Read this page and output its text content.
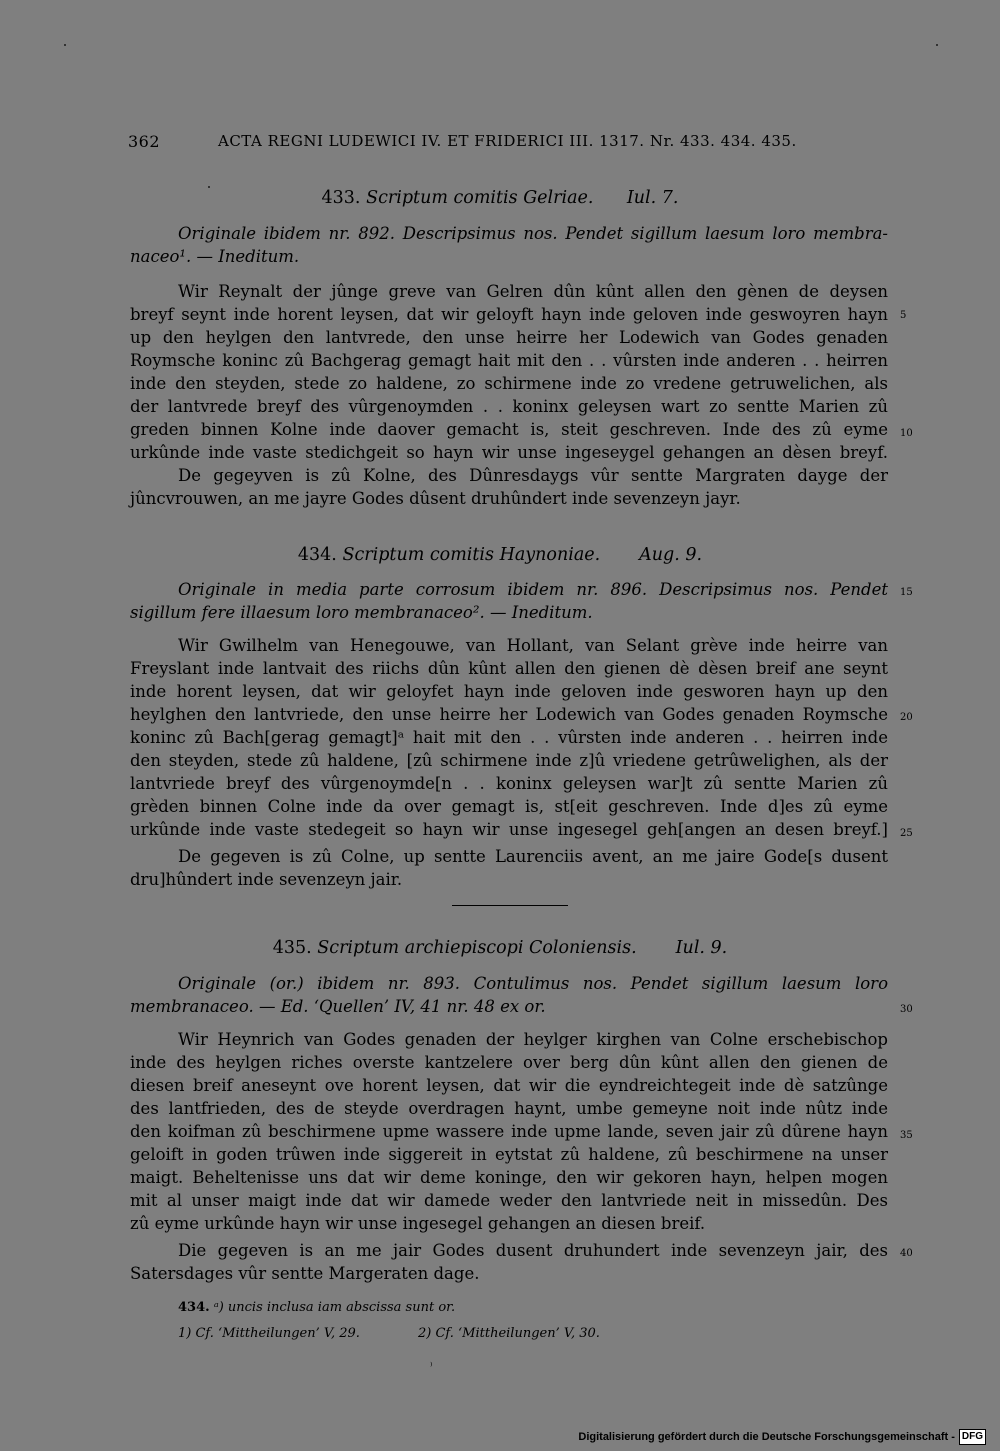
362	ACTA REGNI LUDEWICI IV. ET FRIDERICI III. 1317. Nr. 433. 434. 435.
433. Scriptum comitis Gelriae. Iul. 7.
Originale ibidem nr. 892. Descripsimus nos. Pendet sigillum laesum loro membra-
naceo¹. — Ineditum.
Wir Reynalt der jûnge greve van Gelren dûn kûnt allen den gènen de deysen
breyf seynt inde horent leysen, dat wir geloyft hayn inde geloven inde geswoyren hayn
up den heylgen den lantvrede, den unse heirre her Lodewich van Godes genaden
Roymsche koninc zû Bachgerag gemagt hait mit den . . vûrsten inde anderen . . heirren
inde den steyden, stede zo haldene, zo schirmene inde zo vredene getruwelichen, als
der lantvrede breyf des vûrgenoymden . . koninx geleysen wart zo sentte Marien zû
greden binnen Kolne inde daover gemacht is, steit geschreven. Inde des zû eyme
urkûnde inde vaste stedichgeit so hayn wir unse ingeseygel gehangen an dèsen breyf.
De gegeyven is zû Kolne, des Dûnresdaygs vûr sentte Margraten dayge der
jûncvrouwen, an me jayre Godes dûsent druhûndert inde sevenzeyn jayr.
434. Scriptum comitis Haynoniae. Aug. 9.
Originale in media parte corrosum ibidem nr. 896. Descripsimus nos. Pendet
sigillum fere illaesum loro membranaceo². — Ineditum.
Wir Gwilhelm van Henegouwe, van Hollant, van Selant grève inde heirre van
Freyslant inde lantvait des riichs dûn kûnt allen den gienen dè dèsen breif ane seynt
inde horent leysen, dat wir geloyfet hayn inde geloven inde gesworen hayn up den
heylghen den lantvriede, den unse heirre her Lodewich van Godes genaden Roymsche
koninc zû Bach[gerag gemagt]ᵃ hait mit den . . vûrsten inde anderen . . heirren inde
den steyden, stede zû haldene, [zû schirmene inde z]û vriedene getrûwelighen, als der
lantvriede breyf des vûrgenoymde[n . . koninx geleysen war]t zû sentte Marien zû
grèden binnen Colne inde da over gemagt is, st[eit geschreven. Inde d]es zû eyme
urkûnde inde vaste stedegeit so hayn wir unse ingesegel geh[angen an desen breyf.]
De gegeven is zû Colne, up sentte Laurenciis avent, an me jaire Gode[s dusent
dru]hûndert inde sevenzeyn jair.
435. Scriptum archiepiscopi Coloniensis. Iul. 9.
Originale (or.) ibidem nr. 893. Contulimus nos. Pendet sigillum laesum loro
membranaceo. — Ed. ‘Quellen’ IV, 41 nr. 48 ex or.
Wir Heynrich van Godes genaden der heylger kirghen van Colne erschebischop
inde des heylgen riches overste kantzelere over berg dûn kûnt allen den gienen de
diesen breif aneseynt ove horent leysen, dat wir die eyndreichtegeit inde dè satzûnge
des lantfrieden, des de steyde overdragen haynt, umbe gemeyne noit inde nûtz inde
den koifman zû beschirmene upme wassere inde upme lande, seven jair zû dûrene hayn
geloift in goden trûwen inde siggereit in eytstat zû haldene, zû beschirmene na unser
maigt. Beheltenisse uns dat wir deme koninge, den wir gekoren hayn, helpen mogen
mit al unser maigt inde dat wir damede weder den lantvriede neit in missedûn. Des
zû eyme urkûnde hayn wir unse ingesegel gehangen an diesen breif.
Die gegeven is an me jair Godes dusent druhundert inde sevenzeyn jair, des
Satersdages vûr sentte Margeraten dage.
5
10
15
20
25
30
35
40
434. ᵃ) uncis inclusa iam abscissa sunt or.
1) Cf. ‘Mittheilungen’ V, 29.	2) Cf. ‘Mittheilungen’ V, 30.
₎
Digitalisierung gefördert durch die Deutsche Forschungsgemeinschaft - DFG
